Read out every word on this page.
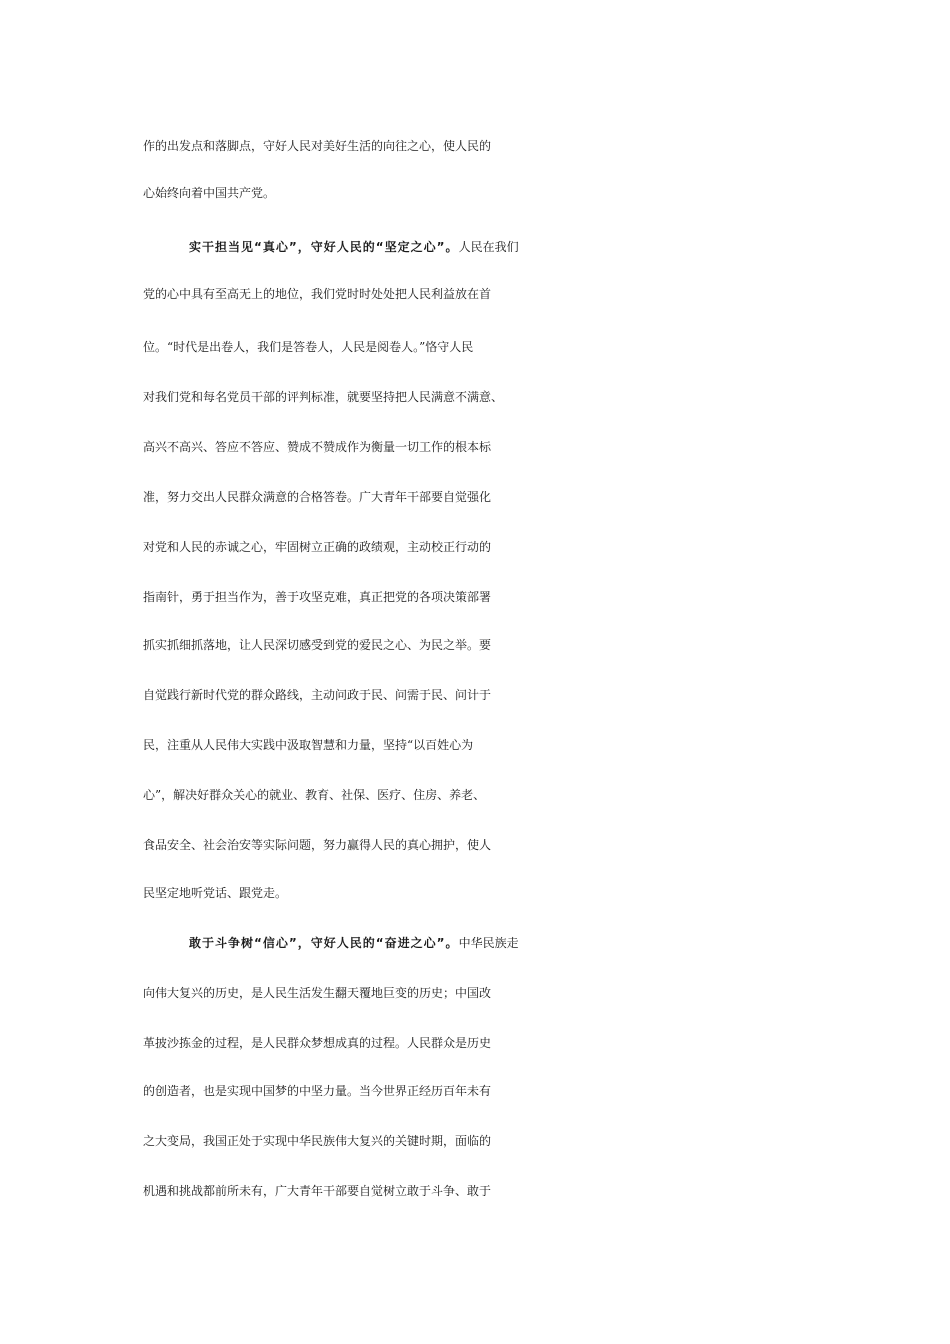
作的出发点和落脚点，守好人民对美好生活的向往之心，使人民的
心始终向着中国共产党。
实干担当见“真心”，守好人民的“坚定之心”。人民在我们
党的心中具有至高无上的地位，我们党时时处处把人民利益放在首
位。“时代是出卷人，我们是答卷人，人民是阅卷人。”恪守人民
对我们党和每名党员干部的评判标准，就要坚持把人民满意不满意、
高兴不高兴、答应不答应、赞成不赞成作为衡量一切工作的根本标
准，努力交出人民群众满意的合格答卷。广大青年干部要自觉强化
对党和人民的赤诚之心，牢固树立正确的政绩观，主动校正行动的
指南针，勇于担当作为，善于攻坚克难，真正把党的各项决策部署
抓实抓细抓落地，让人民深切感受到党的爱民之心、为民之举。要
自觉践行新时代党的群众路线，主动问政于民、问需于民、问计于
民，注重从人民伟大实践中汲取智慧和力量，坚持“以百姓心为
心”，解决好群众关心的就业、教育、社保、医疗、住房、养老、
食品安全、社会治安等实际问题，努力赢得人民的真心拥护，使人
民坚定地听党话、跟党走。
敢于斗争树“信心”，守好人民的“奋进之心”。中华民族走
向伟大复兴的历史，是人民生活发生翻天覆地巨变的历史；中国改
革披沙拣金的过程，是人民群众梦想成真的过程。人民群众是历史
的创造者，也是实现中国梦的中坚力量。当今世界正经历百年未有
之大变局，我国正处于实现中华民族伟大复兴的关键时期，面临的
机遇和挑战都前所未有，广大青年干部要自觉树立敢于斗争、敢于
